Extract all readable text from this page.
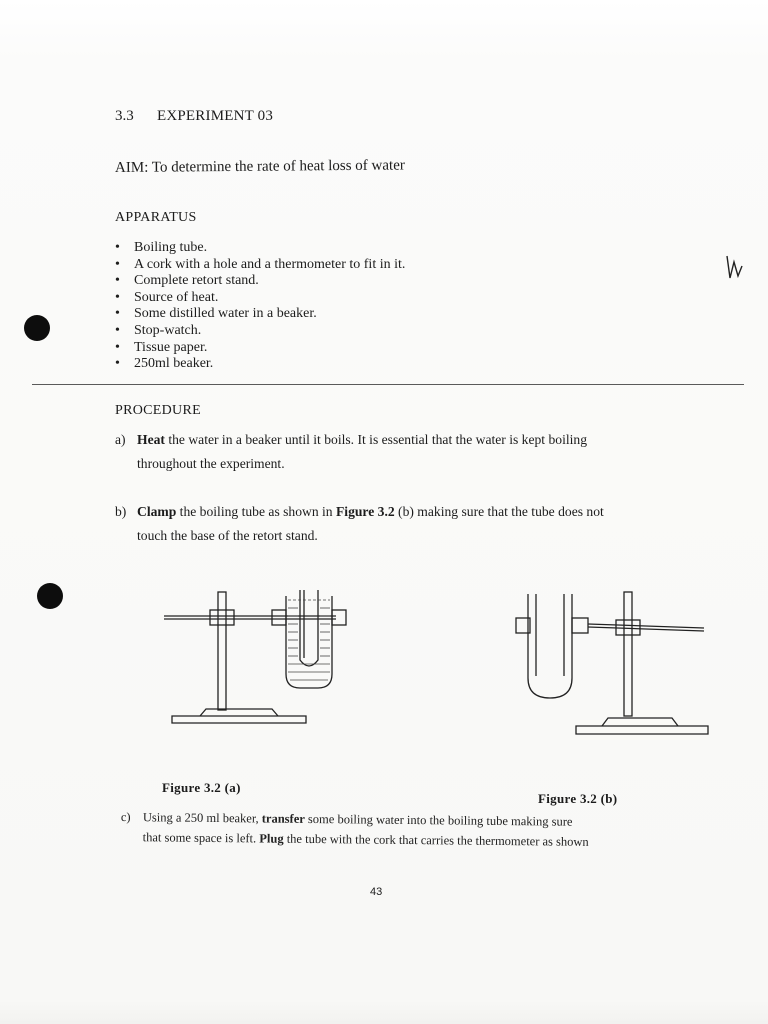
3.3 EXPERIMENT 03
AIM: To determine the rate of heat loss of water
APPARATUS
• Boiling tube.
• A cork with a hole and a thermometer to fit in it.
• Complete retort stand.
• Source of heat.
• Some distilled water in a beaker.
• Stop-watch.
• Tissue paper.
• 250ml beaker.
PROCEDURE
a) Heat the water in a beaker until it boils. It is essential that the water is kept boiling
throughout the experiment.
b) Clamp the boiling tube as shown in Figure 3.2 (b) making sure that the tube does not
touch the base of the retort stand.
Figure 3.2 (a)
Figure 3.2 (b)
c) Using a 250 ml beaker, transfer some boiling water into the boiling tube making sure
that some space is left. Plug the tube with the cork that carries the thermometer as shown
43
